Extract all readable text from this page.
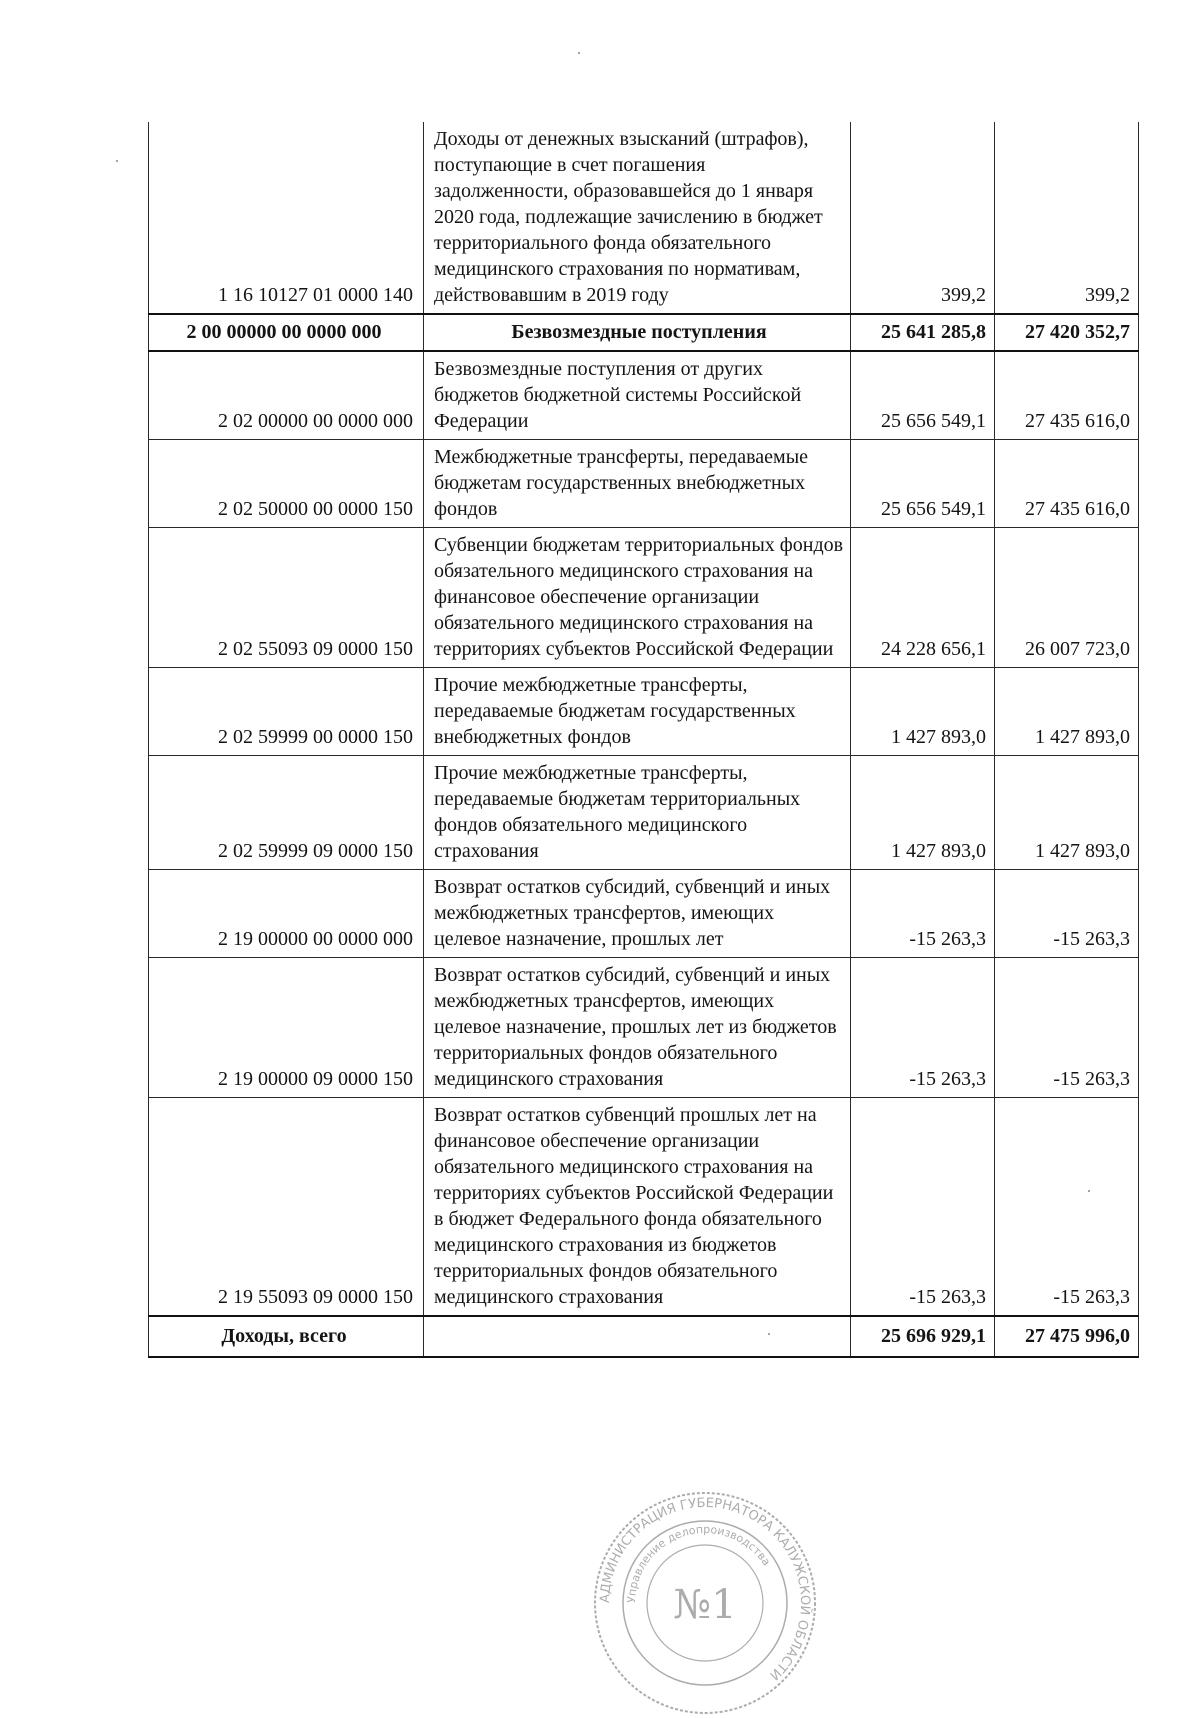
1 16 10127 01 0000 140	Доходы от денежных взысканий (штрафов), поступающие в счет погашения задолженности, образовавшейся до 1 января 2020 года, подлежащие зачислению в бюджет территориального фонда обязательного медицинского страхования по нормативам, действовавшим в 2019 году	399,2	399,2
2 00 00000 00 0000 000	Безвозмездные поступления	25 641 285,8	27 420 352,7
2 02 00000 00 0000 000	Безвозмездные поступления от других бюджетов бюджетной системы Российской Федерации	25 656 549,1	27 435 616,0
2 02 50000 00 0000 150	Межбюджетные трансферты, передаваемые бюджетам государственных внебюджетных фондов	25 656 549,1	27 435 616,0
2 02 55093 09 0000 150	Субвенции бюджетам территориальных фондов обязательного медицинского страхования на финансовое обеспечение организации обязательного медицинского страхования на территориях субъектов Российской Федерации	24 228 656,1	26 007 723,0
2 02 59999 00 0000 150	Прочие межбюджетные трансферты, передаваемые бюджетам государственных внебюджетных фондов	1 427 893,0	1 427 893,0
2 02 59999 09 0000 150	Прочие межбюджетные трансферты, передаваемые бюджетам территориальных фондов обязательного медицинского страхования	1 427 893,0	1 427 893,0
2 19 00000 00 0000 000	Возврат остатков субсидий, субвенций и иных межбюджетных трансфертов, имеющих целевое назначение, прошлых лет	-15 263,3	-15 263,3
2 19 00000 09 0000 150	Возврат остатков субсидий, субвенций и иных межбюджетных трансфертов, имеющих целевое назначение, прошлых лет из бюджетов территориальных фондов обязательного медицинского страхования	-15 263,3	-15 263,3
2 19 55093 09 0000 150	Возврат остатков субвенций прошлых лет на финансовое обеспечение организации обязательного медицинского страхования на территориях субъектов Российской Федерации в бюджет Федерального фонда обязательного медицинского страхования из бюджетов территориальных фондов обязательного медицинского страхования	-15 263,3	-15 263,3
Доходы, всего		25 696 929,1	27 475 996,0
АДМИНИСТРАЦИЯ ГУБЕРНАТОРА КАЛУЖСКОЙ ОБЛАСТИ
Управление делопроизводства
№1
